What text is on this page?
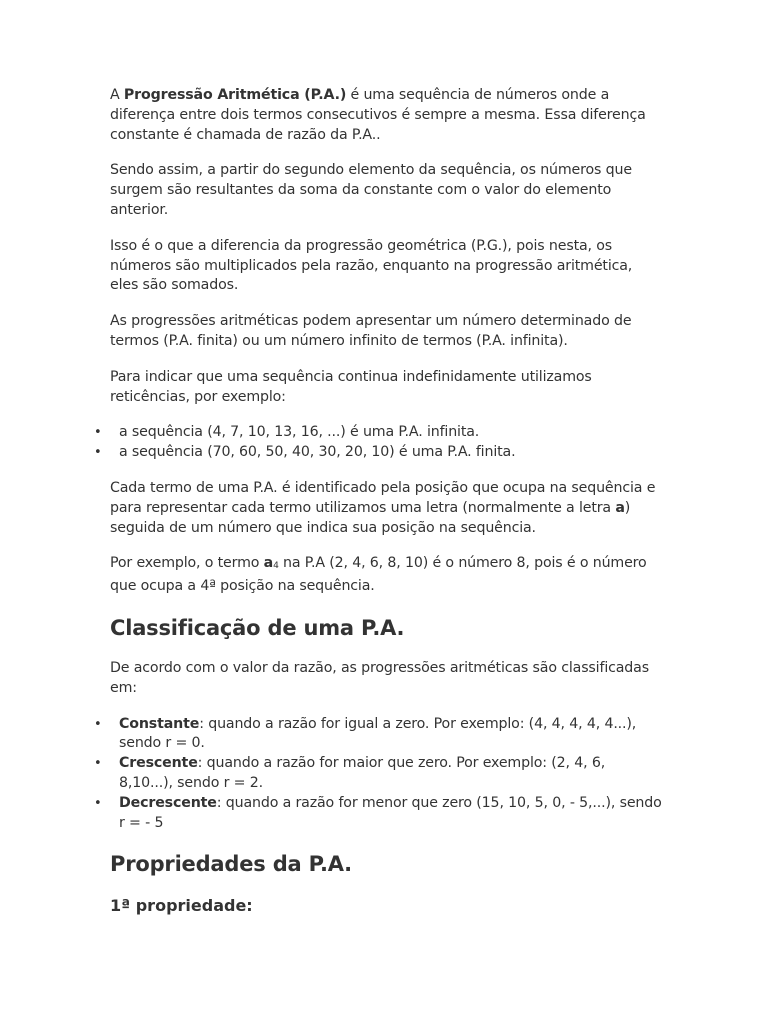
A Progressão Aritmética (P.A.) é uma sequência de números onde a diferença entre dois termos consecutivos é sempre a mesma. Essa diferença constante é chamada de razão da P.A..

Sendo assim, a partir do segundo elemento da sequência, os números que surgem são resultantes da soma da constante com o valor do elemento anterior.

Isso é o que a diferencia da progressão geométrica (P.G.), pois nesta, os números são multiplicados pela razão, enquanto na progressão aritmética, eles são somados.

As progressões aritméticas podem apresentar um número determinado de termos (P.A. finita) ou um número infinito de termos (P.A. infinita).

Para indicar que uma sequência continua indefinidamente utilizamos reticências, por exemplo:

• a sequência (4, 7, 10, 13, 16, ...) é uma P.A. infinita.
• a sequência (70, 60, 50, 40, 30, 20, 10) é uma P.A. finita.

Cada termo de uma P.A. é identificado pela posição que ocupa na sequência e para representar cada termo utilizamos uma letra (normalmente a letra a) seguida de um número que indica sua posição na sequência.

Por exemplo, o termo $a_4$ na P.A (2, 4, 6, 8, 10) é o número 8, pois é o número que ocupa a 4ª posição na sequência.

Classificação de uma P.A.

De acordo com o valor da razão, as progressões aritméticas são classificadas em:

• Constante: quando a razão for igual a zero. Por exemplo: (4, 4, 4, 4, 4...), sendo r = 0.
• Crescente: quando a razão for maior que zero. Por exemplo: (2, 4, 6, 8,10...), sendo r = 2.
• Decrescente: quando a razão for menor que zero (15, 10, 5, 0, - 5,...), sendo r = - 5
Propriedades da P.A.
1ª propriedade:
